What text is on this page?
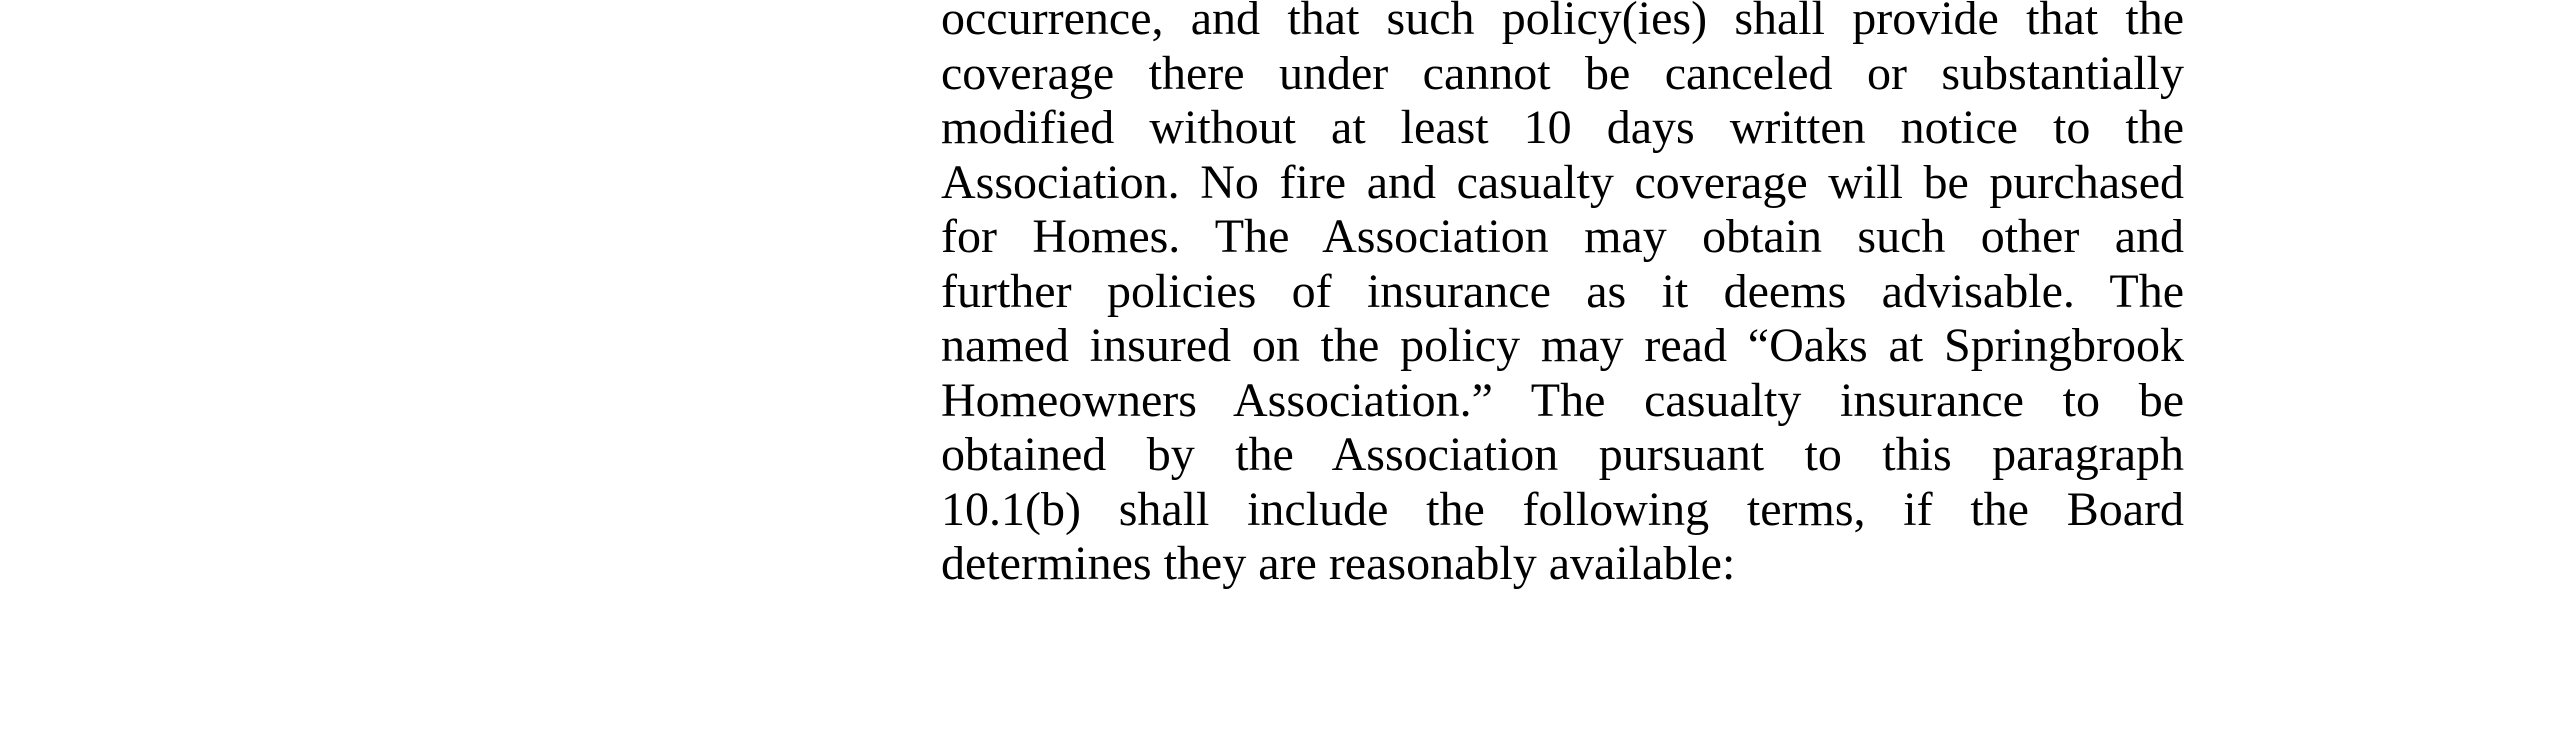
occurrence, and that such policy(ies) shall provide that the
coverage there under cannot be canceled or substantially
modified without at least 10 days written notice to the
Association. No fire and casualty coverage will be purchased
for Homes. The Association may obtain such other and
further policies of insurance as it deems advisable. The
named insured on the policy may read “Oaks at Springbrook
Homeowners Association.” The casualty insurance to be
obtained by the Association pursuant to this paragraph
10.1(b) shall include the following terms, if the Board
determines they are reasonably available:
